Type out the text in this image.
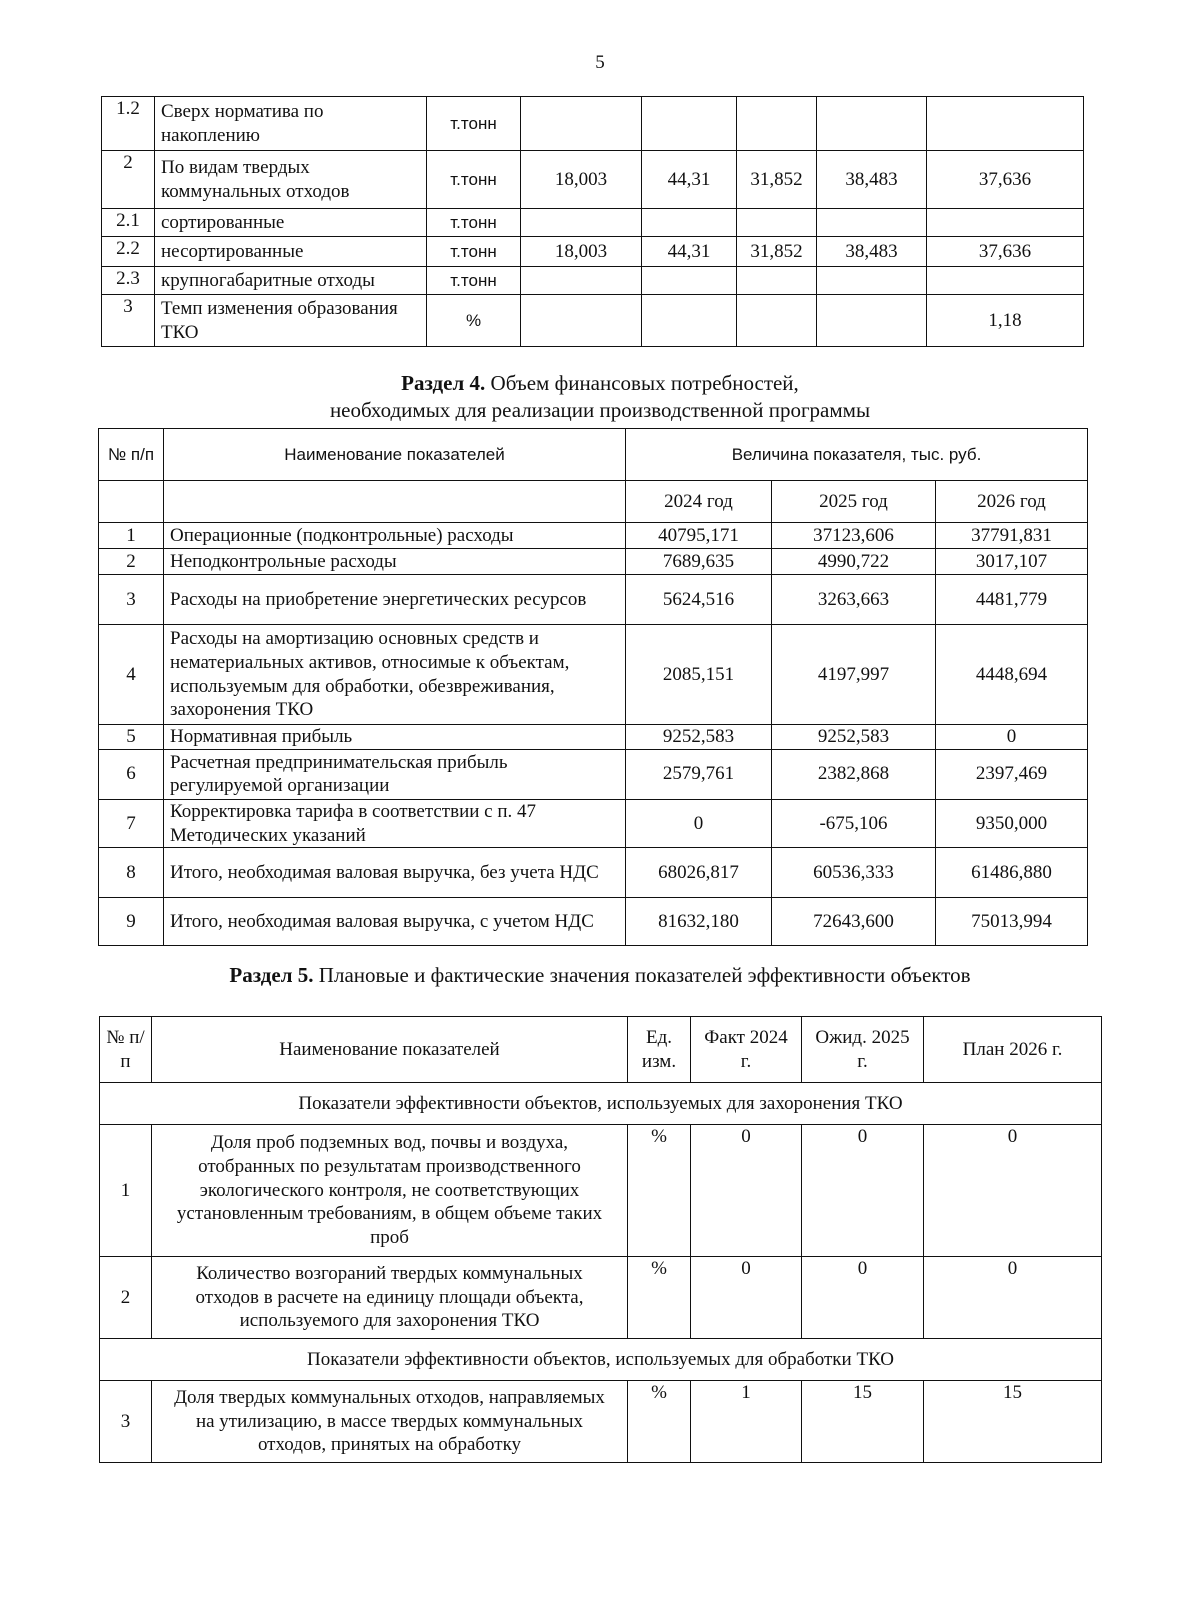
5
1.2	Сверх норматива по накоплению	т.тонн					
2	По видам твердых коммунальных отходов	т.тонн	18,003	44,31	31,852	38,483	37,636
2.1	сортированные	т.тонн					
2.2	несортированные	т.тонн	18,003	44,31	31,852	38,483	37,636
2.3	крупногабаритные отходы	т.тонн					
3	Темп изменения образования ТКО	%					1,18
Раздел 4. Объем финансовых потребностей,
необходимых для реализации производственной программы
№ п/п	Наименование показателей	Величина показателя, тыс. руб.		
		2024 год	2025 год	2026 год
1	Операционные (подконтрольные) расходы	40795,171	37123,606	37791,831
2	Неподконтрольные расходы	7689,635	4990,722	3017,107
3	Расходы на приобретение энергетических ресурсов	5624,516	3263,663	4481,779
4	Расходы на амортизацию основных средств и нематериальных активов, относимые к объектам, используемым для обработки, обезвреживания, захоронения ТКО	2085,151	4197,997	4448,694
5	Нормативная прибыль	9252,583	9252,583	0
6	Расчетная предпринимательская прибыль регулируемой организации	2579,761	2382,868	2397,469
7	Корректировка тарифа в соответствии с п. 47 Методических указаний	0	-675,106	9350,000
8	Итого, необходимая валовая выручка, без учета НДС	68026,817	60536,333	61486,880
9	Итого, необходимая валовая выручка, с учетом НДС	81632,180	72643,600	75013,994
Раздел 5. Плановые и фактические значения показателей эффективности объектов
№ п/п	Наименование показателей	Ед. изм.	Факт 2024 г.	Ожид. 2025 г.	План 2026 г.
Показатели эффективности объектов, используемых для захоронения ТКО					
1	Доля проб подземных вод, почвы и воздуха, отобранных по результатам производственного экологического контроля, не соответствующих установленным требованиям, в общем объеме таких проб	%	0	0	0
2	Количество возгораний твердых коммунальных отходов в расчете на единицу площади объекта, используемого для захоронения ТКО	%	0	0	0
Показатели эффективности объектов, используемых для обработки ТКО					
3	Доля твердых коммунальных отходов, направляемых на утилизацию, в массе твердых коммунальных отходов, принятых на обработку	%	1	15	15
